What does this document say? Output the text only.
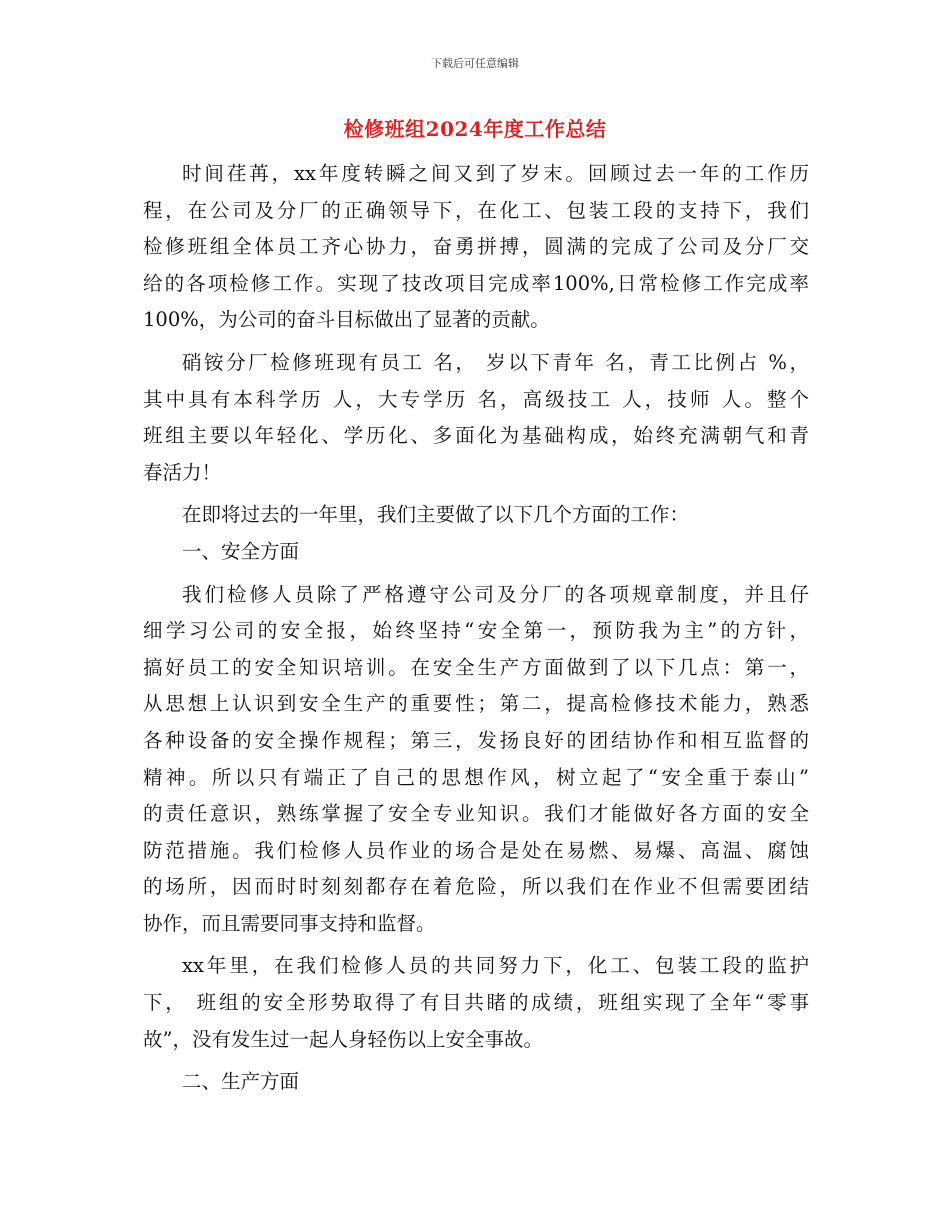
下载后可任意编辑
检修班组2024年度工作总结
时间荏苒，xx年度转瞬之间又到了岁末。回顾过去一年的工作历
程，在公司及分厂的正确领导下，在化工、包装工段的支持下，我们
检修班组全体员工齐心协力，奋勇拼搏，圆满的完成了公司及分厂交
给的各项检修工作。实现了技改项目完成率100%,日常检修工作完成率
100%，为公司的奋斗目标做出了显著的贡献。
硝铵分厂检修班现有员工 名， 岁以下青年 名，青工比例占 %，
其中具有本科学历 人，大专学历 名，高级技工 人，技师 人。整个
班组主要以年轻化、学历化、多面化为基础构成，始终充满朝气和青
春活力！
在即将过去的一年里，我们主要做了以下几个方面的工作：
一、安全方面
我们检修人员除了严格遵守公司及分厂的各项规章制度，并且仔
细学习公司的安全报，始终坚持“安全第一，预防我为主”的方针，
搞好员工的安全知识培训。在安全生产方面做到了以下几点：第一，
从思想上认识到安全生产的重要性；第二，提高检修技术能力，熟悉
各种设备的安全操作规程；第三，发扬良好的团结协作和相互监督的
精神。所以只有端正了自己的思想作风，树立起了“安全重于泰山”
的责任意识，熟练掌握了安全专业知识。我们才能做好各方面的安全
防范措施。我们检修人员作业的场合是处在易燃、易爆、高温、腐蚀
的场所，因而时时刻刻都存在着危险，所以我们在作业不但需要团结
协作，而且需要同事支持和监督。
xx年里，在我们检修人员的共同努力下，化工、包装工段的监护
下， 班组的安全形势取得了有目共睹的成绩，班组实现了全年“零事
故”，没有发生过一起人身轻伤以上安全事故。
二、生产方面
